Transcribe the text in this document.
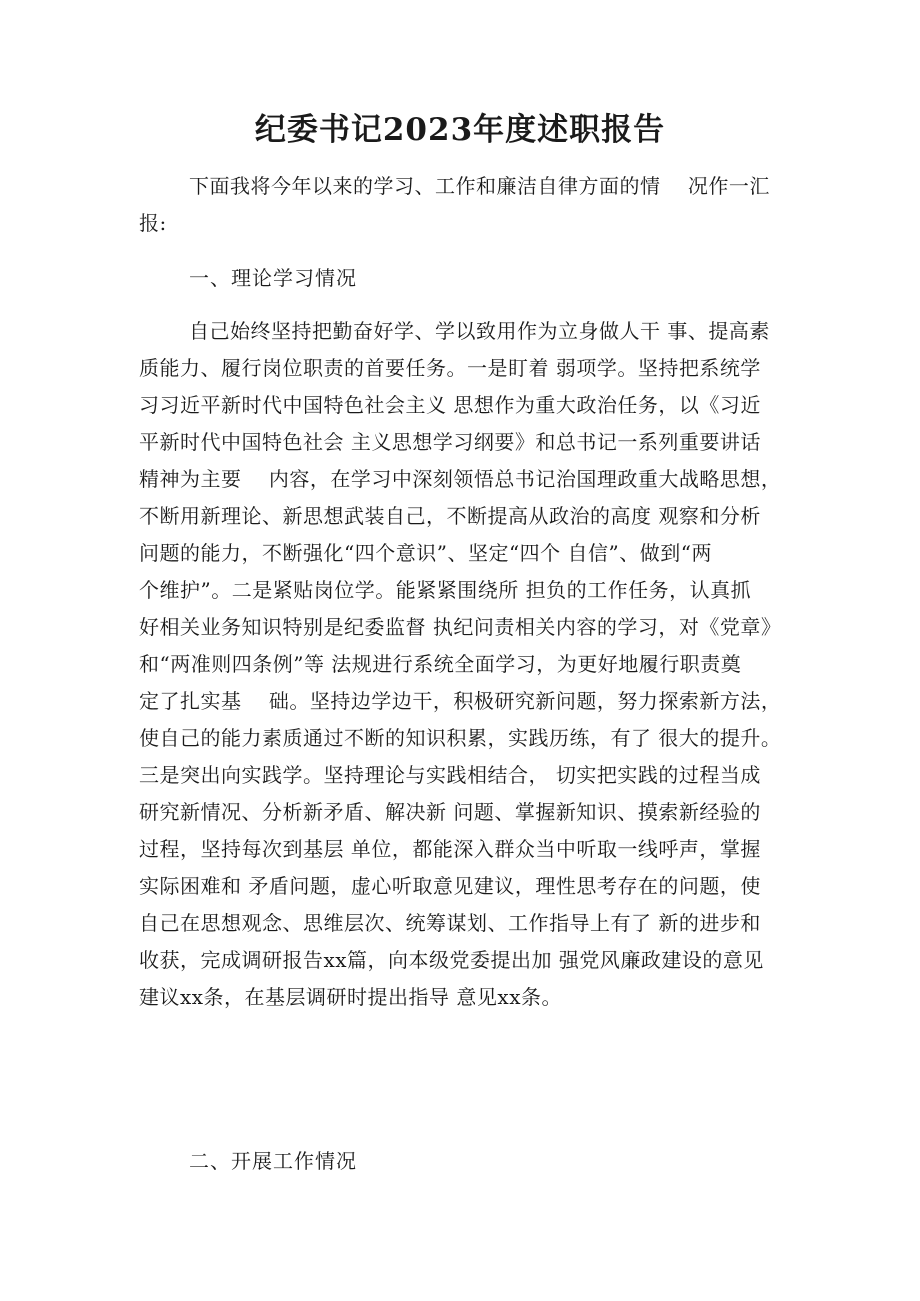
纪委书记2023年度述职报告
下面我将今年以来的学习、工作和廉洁自律方面的情　 况作一汇
报:
一、理论学习情况
自己始终坚持把勤奋好学、学以致用作为立身做人干 事、提高素
质能力、履行岗位职责的首要任务。一是盯着 弱项学。坚持把系统学
习习近平新时代中国特色社会主义 思想作为重大政治任务，以《习近
平新时代中国特色社会 主义思想学习纲要》和总书记一系列重要讲话
精神为主要　 内容，在学习中深刻领悟总书记治国理政重大战略思想，
不断用新理论、新思想武装自己，不断提高从政治的高度 观察和分析
问题的能力，不断强化“四个意识”、坚定“四个 自信”、做到“两
个维护”。二是紧贴岗位学。能紧紧围绕所 担负的工作任务，认真抓
好相关业务知识特别是纪委监督 执纪问责相关内容的学习，对《党章》
和“两准则四条例”等 法规进行系统全面学习，为更好地履行职责奠
定了扎实基　 础。坚持边学边干，积极研究新问题，努力探索新方法，
使自己的能力素质通过不断的知识积累，实践历练，有了 很大的提升。
三是突出向实践学。坚持理论与实践相结合， 切实把实践的过程当成
研究新情况、分析新矛盾、解决新 问题、掌握新知识、摸索新经验的
过程，坚持每次到基层 单位，都能深入群众当中听取一线呼声，掌握
实际困难和 矛盾问题，虚心听取意见建议，理性思考存在的问题，使
自己在思想观念、思维层次、统筹谋划、工作指导上有了 新的进步和
收获，完成调研报告xx篇，向本级党委提出加 强党风廉政建设的意见
建议xx条，在基层调研时提出指导 意见xx条。
二、开展工作情况
